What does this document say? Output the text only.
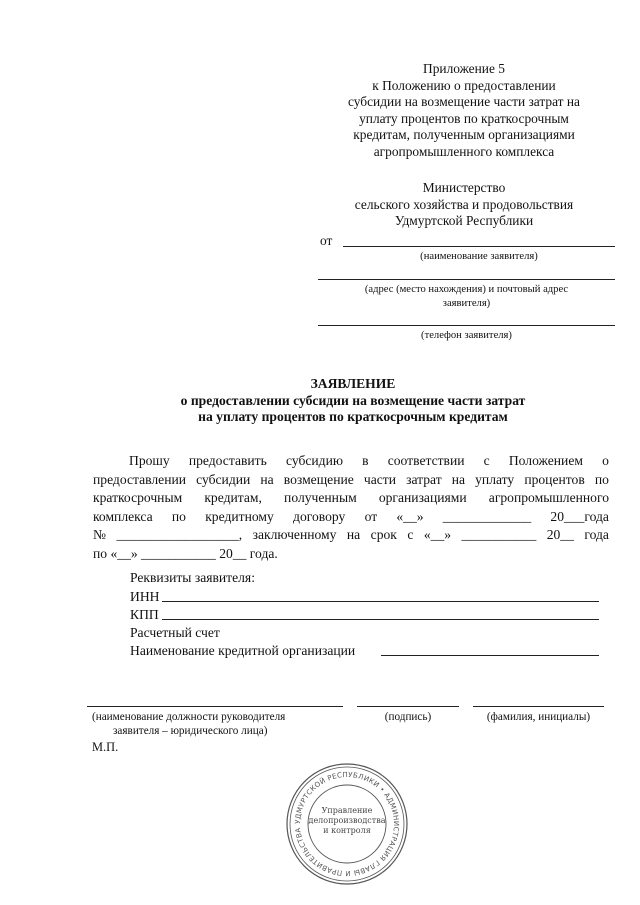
Приложение 5
к Положению о предоставлении
субсидии на возмещение части затрат на
уплату процентов по краткосрочным
кредитам, полученным организациями
агропромышленного комплекса
Министерство
сельского хозяйства и продовольствия
Удмуртской Республики
от
(наименование заявителя)
(адрес (место нахождения) и почтовый адрес
заявителя)
(телефон заявителя)
ЗАЯВЛЕНИЕ
о предоставлении субсидии на возмещение части затрат
на уплату процентов по краткосрочным кредитам
Прошу предоставить субсидию в соответствии с Положением о
предоставлении субсидии на возмещение части затрат на уплату процентов по
краткосрочным кредитам, полученным организациями агропромышленного
комплекса по кредитному договору от «__» _____________ 20___года
№ __________________, заключенному на срок с «__» ___________ 20__ года
по «__» ___________ 20__ года.
Реквизиты заявителя:
ИНН
КПП
Расчетный счет
Наименование кредитной организации
(наименование должности руководителя
заявителя – юридического лица)
(подпись)	(фамилия, инициалы)
М.П.
УДМУРТСКОЙ РЕСПУБЛИКИ • АДМИНИСТРАЦИЯ ГЛАВЫ И ПРАВИТЕЛЬСТВА
Управление
делопроизводства
и контроля
